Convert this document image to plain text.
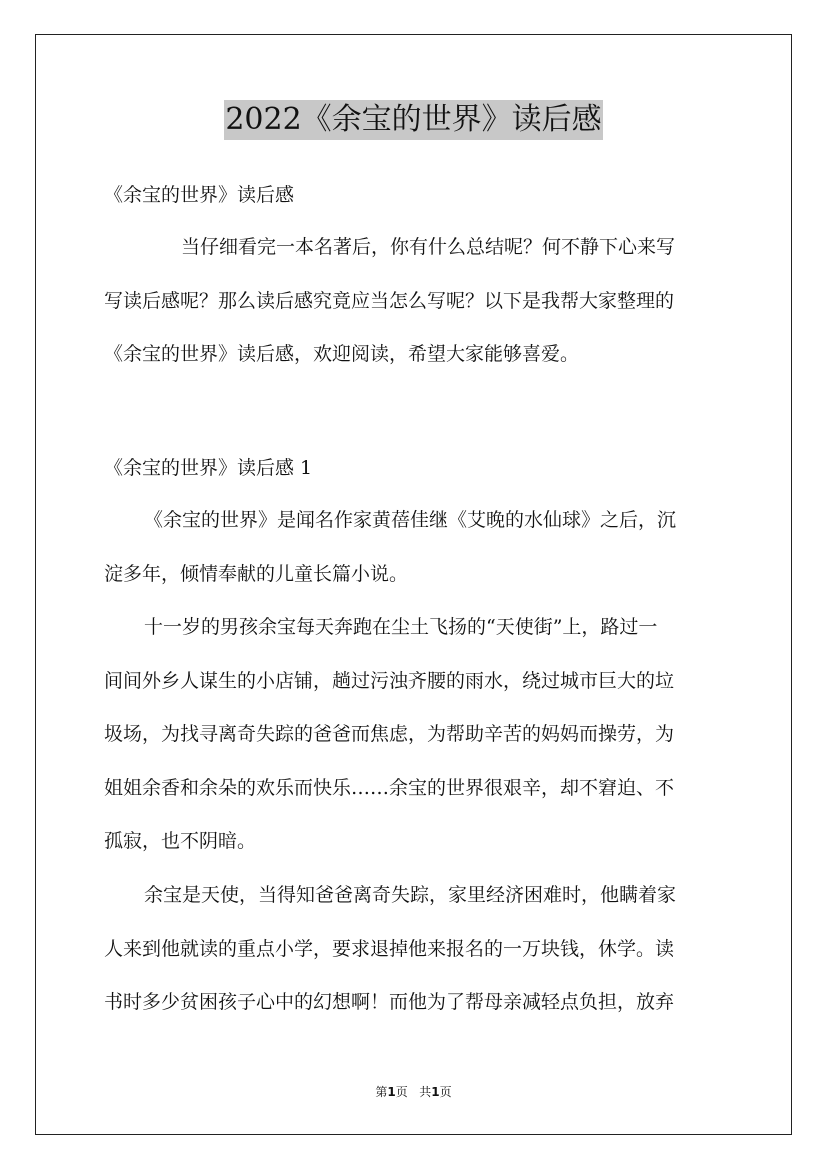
2022《余宝的世界》读后感
《余宝的世界》读后感
当仔细看完一本名著后，你有什么总结呢？何不静下心来写
写读后感呢？那么读后感究竟应当怎么写呢？以下是我帮大家整理的
《余宝的世界》读后感，欢迎阅读，希望大家能够喜爱。
《余宝的世界》读后感 1
《余宝的世界》是闻名作家黄蓓佳继《艾晚的水仙球》之后，沉
淀多年，倾情奉献的儿童长篇小说。
十一岁的男孩余宝每天奔跑在尘土飞扬的“天使街”上，路过一
间间外乡人谋生的小店铺，趟过污浊齐腰的雨水，绕过城市巨大的垃
圾场，为找寻离奇失踪的爸爸而焦虑，为帮助辛苦的妈妈而操劳，为
姐姐余香和余朵的欢乐而快乐……余宝的世界很艰辛，却不窘迫、不
孤寂，也不阴暗。
余宝是天使，当得知爸爸离奇失踪，家里经济困难时，他瞒着家
人来到他就读的重点小学，要求退掉他来报名的一万块钱，休学。读
书时多少贫困孩子心中的幻想啊！而他为了帮母亲减轻点负担，放弃
第1页   共1页
